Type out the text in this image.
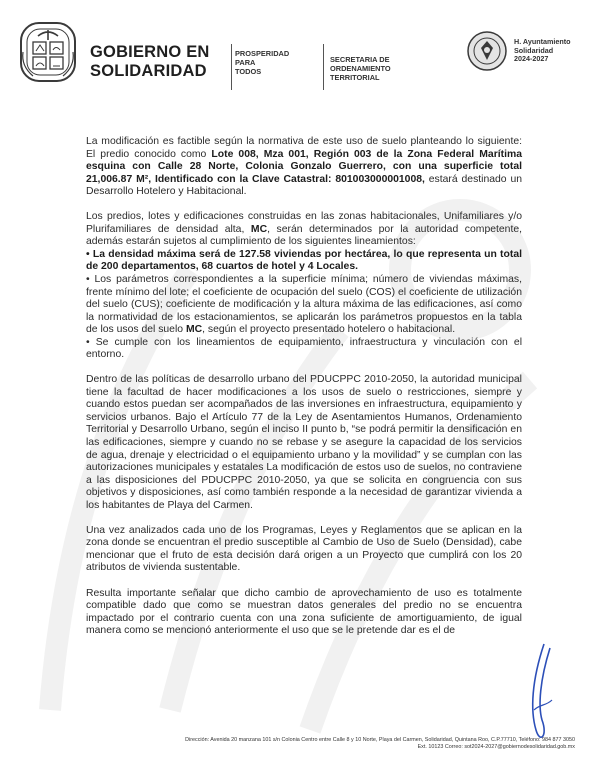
GOBIERNO EN
SOLIDARIDAD
PROSPERIDAD
PARA
TODOS
SECRETARIA DE
ORDENAMIENTO
TERRITORIAL
H. Ayuntamiento
Solidaridad
2024-2027

La modificación es factible según la normativa de este uso de suelo planteando lo siguiente: El predio conocido como Lote 008, Mza 001, Región 003 de la Zona Federal Marítima esquina con Calle 28 Norte, Colonia Gonzalo Guerrero, con una superficie total 21,006.87 M², Identificado con la Clave Catastral: 801003000001008, estará destinado un Desarrollo Hotelero y Habitacional.

Los predios, lotes y edificaciones construidas en las zonas habitacionales, Unifamiliares y/o Plurifamiliares de densidad alta, MC, serán determinados por la autoridad competente, además estarán sujetos al cumplimiento de los siguientes lineamientos:
• La densidad máxima será de 127.58 viviendas por hectárea, lo que representa un total de 200 departamentos, 68 cuartos de hotel y 4 Locales.
• Los parámetros correspondientes a la superficie mínima; número de viviendas máximas, frente mínimo del lote; el coeficiente de ocupación del suelo (COS) el coeficiente de utilización del suelo (CUS); coeficiente de modificación y la altura máxima de las edificaciones, así como la normatividad de los estacionamientos, se aplicarán los parámetros propuestos en la tabla de los usos del suelo MC, según el proyecto presentado hotelero o habitacional.
• Se cumple con los lineamientos de equipamiento, infraestructura y vinculación con el entorno.

Dentro de las políticas de desarrollo urbano del PDUCPPC 2010-2050, la autoridad municipal tiene la facultad de hacer modificaciones a los usos de suelo o restricciones, siempre y cuando estos puedan ser acompañados de las inversiones en infraestructura, equipamiento y servicios urbanos. Bajo el Artículo 77 de la Ley de Asentamientos Humanos, Ordenamiento Territorial y Desarrollo Urbano, según el inciso II punto b, “se podrá permitir la densificación en las edificaciones, siempre y cuando no se rebase y se asegure la capacidad de los servicios de agua, drenaje y electricidad o el equipamiento urbano y la movilidad” y se cumplan con las autorizaciones municipales y estatales La modificación de estos uso de suelos, no contraviene a las disposiciones del PDUCPPC 2010-2050, ya que se solicita en congruencia con sus objetivos y disposiciones, así como también responde a la necesidad de garantizar vivienda a los habitantes de Playa del Carmen.

Una vez analizados cada uno de los Programas, Leyes y Reglamentos que se aplican en la zona donde se encuentran el predio susceptible al Cambio de Uso de Suelo (Densidad), cabe mencionar que el fruto de esta decisión dará origen a un Proyecto que cumplirá con los 20 atributos de vivienda sustentable.

Resulta importante señalar que dicho cambio de aprovechamiento de uso es totalmente compatible dado que como se muestran datos generales del predio no se encuentra impactado por el contrario cuenta con una zona suficiente de amortiguamiento, de igual manera como se mencionó anteriormente el uso que se le pretende dar es el de

Dirección: Avenida 20 manzana 101 s/n Colonia Centro entre Calle 8 y 10 Norte, Playa del Carmen, Solidaridad, Quintana Roo, C.P.77710, Teléfono: 984 877 3050
Ext. 10123 Correo: sot2024-2027@gobiernodesolidaridad.gob.mx
